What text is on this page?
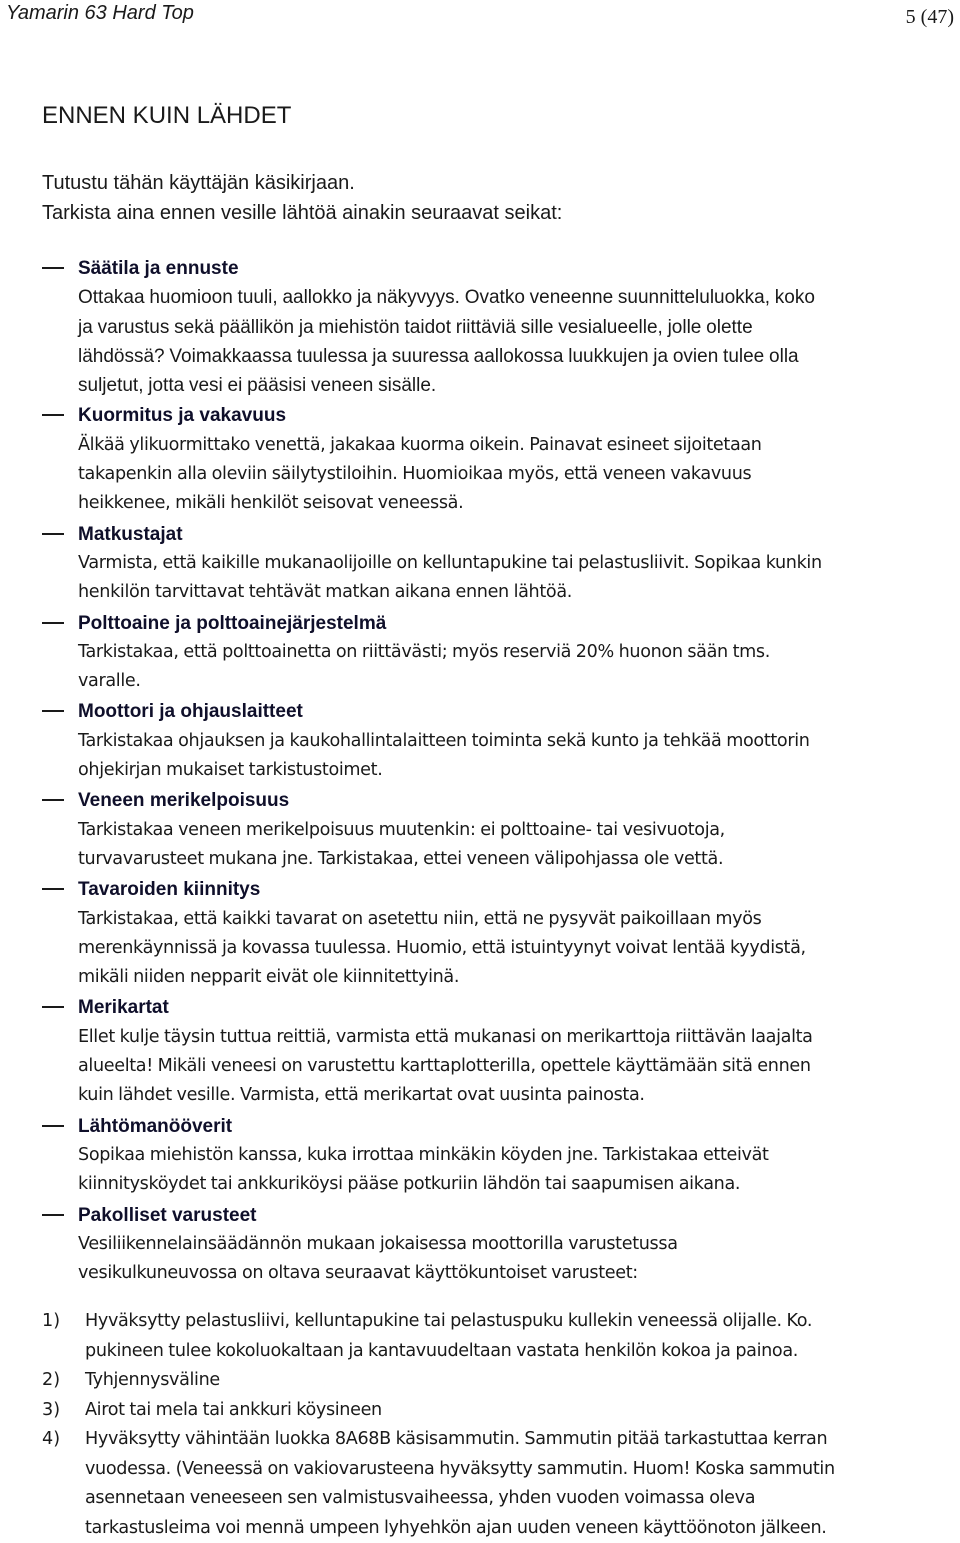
Yamarin 63 Hard Top	5 (47)
ENNEN KUIN LÄHDET
Tutustu tähän käyttäjän käsikirjaan.
Tarkista aina ennen vesille lähtöä ainakin seuraavat seikat:
Säätila ja ennuste
Ottakaa huomioon tuuli, aallokko ja näkyvyys. Ovatko veneenne suunnitteluluokka, koko
ja varustus sekä päällikön ja miehistön taidot riittäviä sille vesialueelle, jolle olette
lähdössä? Voimakkaassa tuulessa ja suuressa aallokossa luukkujen ja ovien tulee olla
suljetut, jotta vesi ei pääsisi veneen sisälle.
Kuormitus ja vakavuus
Älkää ylikuormittako venettä, jakakaa kuorma oikein. Painavat esineet sijoitetaan
takapenkin alla oleviin säilytystiloihin. Huomioikaa myös, että veneen vakavuus
heikkenee, mikäli henkilöt seisovat veneessä.
Matkustajat
Varmista, että kaikille mukanaolijoille on kelluntapukine tai pelastusliivit. Sopikaa kunkin
henkilön tarvittavat tehtävät matkan aikana ennen lähtöä.
Polttoaine ja polttoainejärjestelmä
Tarkistakaa, että polttoainetta on riittävästi; myös reserviä 20% huonon sään tms.
varalle.
Moottori ja ohjauslaitteet
Tarkistakaa ohjauksen ja kaukohallintalaitteen toiminta sekä kunto ja tehkää moottorin
ohjekirjan mukaiset tarkistustoimet.
Veneen merikelpoisuus
Tarkistakaa veneen merikelpoisuus muutenkin: ei polttoaine- tai vesivuotoja,
turvavarusteet mukana jne. Tarkistakaa, ettei veneen välipohjassa ole vettä.
Tavaroiden kiinnitys
Tarkistakaa, että kaikki tavarat on asetettu niin, että ne pysyvät paikoillaan myös
merenkäynnissä ja kovassa tuulessa. Huomio, että istuintyynyt voivat lentää kyydistä,
mikäli niiden nepparit eivät ole kiinnitettyinä.
Merikartat
Ellet kulje täysin tuttua reittiä, varmista että mukanasi on merikarttoja riittävän laajalta
alueelta! Mikäli veneesi on varustettu karttaplotterilla, opettele käyttämään sitä ennen
kuin lähdet vesille. Varmista, että merikartat ovat uusinta painosta.
Lähtömanööverit
Sopikaa miehistön kanssa, kuka irrottaa minkäkin köyden jne. Tarkistakaa etteivät
kiinnitysköydet tai ankkuriköysi pääse potkuriin lähdön tai saapumisen aikana.
Pakolliset varusteet
Vesiliikennelainsäädännön mukaan jokaisessa moottorilla varustetussa
vesikulkuneuvossa on oltava seuraavat käyttökuntoiset varusteet:
1) Hyväksytty pelastusliivi, kelluntapukine tai pelastuspuku kullekin veneessä olijalle. Ko.
pukineen tulee kokoluokaltaan ja kantavuudeltaan vastata henkilön kokoa ja painoa.
2) Tyhjennysväline
3) Airot tai mela tai ankkuri köysineen
4) Hyväksytty vähintään luokka 8A68B käsisammutin. Sammutin pitää tarkastuttaa kerran
vuodessa. (Veneessä on vakiovarusteena hyväksytty sammutin. Huom! Koska sammutin
asennetaan veneeseen sen valmistusvaiheessa, yhden vuoden voimassa oleva
tarkastusleima voi mennä umpeen lyhyehkön ajan uuden veneen käyttöönoton jälkeen.
